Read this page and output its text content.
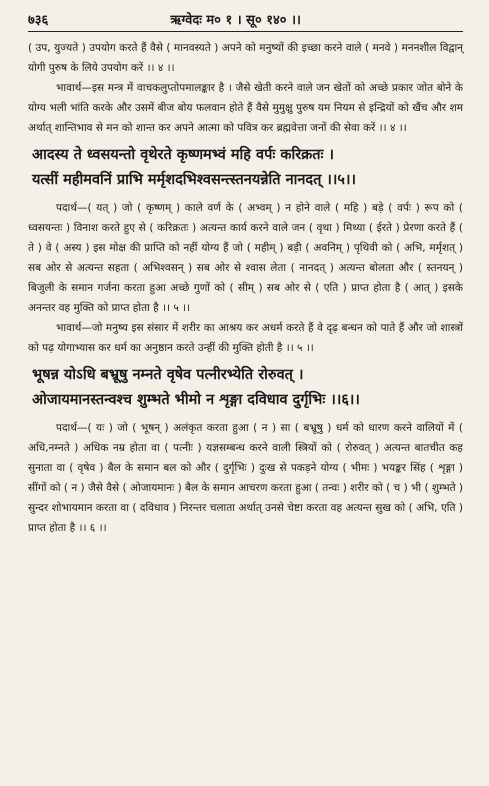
७३६	ऋग्वेदः म० १ । सू० १४० ।।

( उप, युज्यते ) उपयोग करते हैं वैसे ( मानवस्यते ) अपने को मनुष्यों की इच्छा करने वाले ( मनवे ) मननशील विद्वान् योगी पुरुष के लिये उपयोग करें ।। ४ ।।

भावार्थ—इस मन्त्र में वाचकलुप्तोपमालङ्कार है । जैसे खेती करने वाले जन खेतों को अच्छे प्रकार जोत बोने के योग्य भली भांति करके और उसमें बीज बोय फलवान होते हैं वैसे मुमुक्षु पुरुष यम नियम से इन्द्रियों को खैंच और शम अर्थात् शान्तिभाव से मन को शान्त कर अपने आत्मा को पवित्र कर ब्रह्मवेत्ता जनों की सेवा करें ।। ४ ।।

आदस्य ते ध्वसयन्तो वृथेरते कृष्णमभ्वं महि वर्पः करिक्रतः ।
यत्सीं महीमवनिं प्राभि मर्मृशदभिश्वसन्त्स्तनयन्नेति नानदत् ।।५।।

पदार्थ—( यत् ) जो ( कृष्णम् ) काले वर्ण के ( अभ्वम् ) न होने वाले ( महि ) बड़े ( वर्पः ) रूप को ( ध्वसयन्तः ) विनाश करते हुए से ( करिक्रतः ) अत्यन्त कार्य करने वाले जन ( वृथा ) मिथ्या ( ईरते ) प्रेरणा करते हैं ( ते ) वे ( अस्य ) इस मोक्ष की प्राप्ति को नहीं योग्य हैं जो ( महीम् ) बड़ी ( अवनिम् ) पृथिवी को ( अभि, मर्मृशत् ) सब ओर से अत्यन्त सहता ( अभिश्वसन् ) सब ओर से श्वास लेता ( नानदत् ) अत्यन्त बोलता और ( स्तनयन् ) बिजुली के समान गर्जना करता हुआ अच्छे गुणों को ( सीम् ) सब ओर से ( एति ) प्राप्त होता है ( आत् ) इसके अनन्तर वह मुक्ति को प्राप्त होता है ।। ५ ।।

भावार्थ—जो मनुष्य इस संसार में शरीर का आश्रय कर अधर्म करते हैं वे दृढ़ बन्धन को पाते हैं और जो शास्त्रों को पढ़ योगाभ्यास कर धर्म का अनुष्ठान करते उन्हीं की मुक्ति होती है ।। ५ ।।

भूषन्न योऽधि बभ्रूषु नम्नते वृषेव पत्नीरभ्येति रोरुवत् ।
ओजायमानस्तन्वश्च शुम्भते भीमो न शृङ्गा दविधाव दुर्गृभिः ।।६।।

पदार्थ—( यः ) जो ( भूषन् ) अलंकृत करता हुआ ( न ) सा ( बभ्रूषु ) धर्म को धारण करने वालियों में ( अधि,नम्नते ) अधिक नम्र होता वा ( पत्नीः ) यज्ञसम्बन्ध करने वाली स्त्रियों को ( रोरुवत् ) अत्यन्त बातचीत कह सुनाता वा ( वृषेव ) बैल के समान बल को और ( दुर्गृभिः ) दुःख से पकड़ने योग्य ( भीमः ) भयङ्कर सिंह ( शृङ्गा ) सींगों को ( न ) जैसे वैसे ( ओजायमानः ) बैल के समान आचरण करता हुआ ( तन्वः ) शरीर को ( च ) भी ( शुम्भते ) सुन्दर शोभायमान करता वा ( दविधाव ) निरन्तर चलाता अर्थात् उनसे चेष्टा करता वह अत्यन्त सुख को ( अभि, एति ) प्राप्त होता है ।। ६ ।।
